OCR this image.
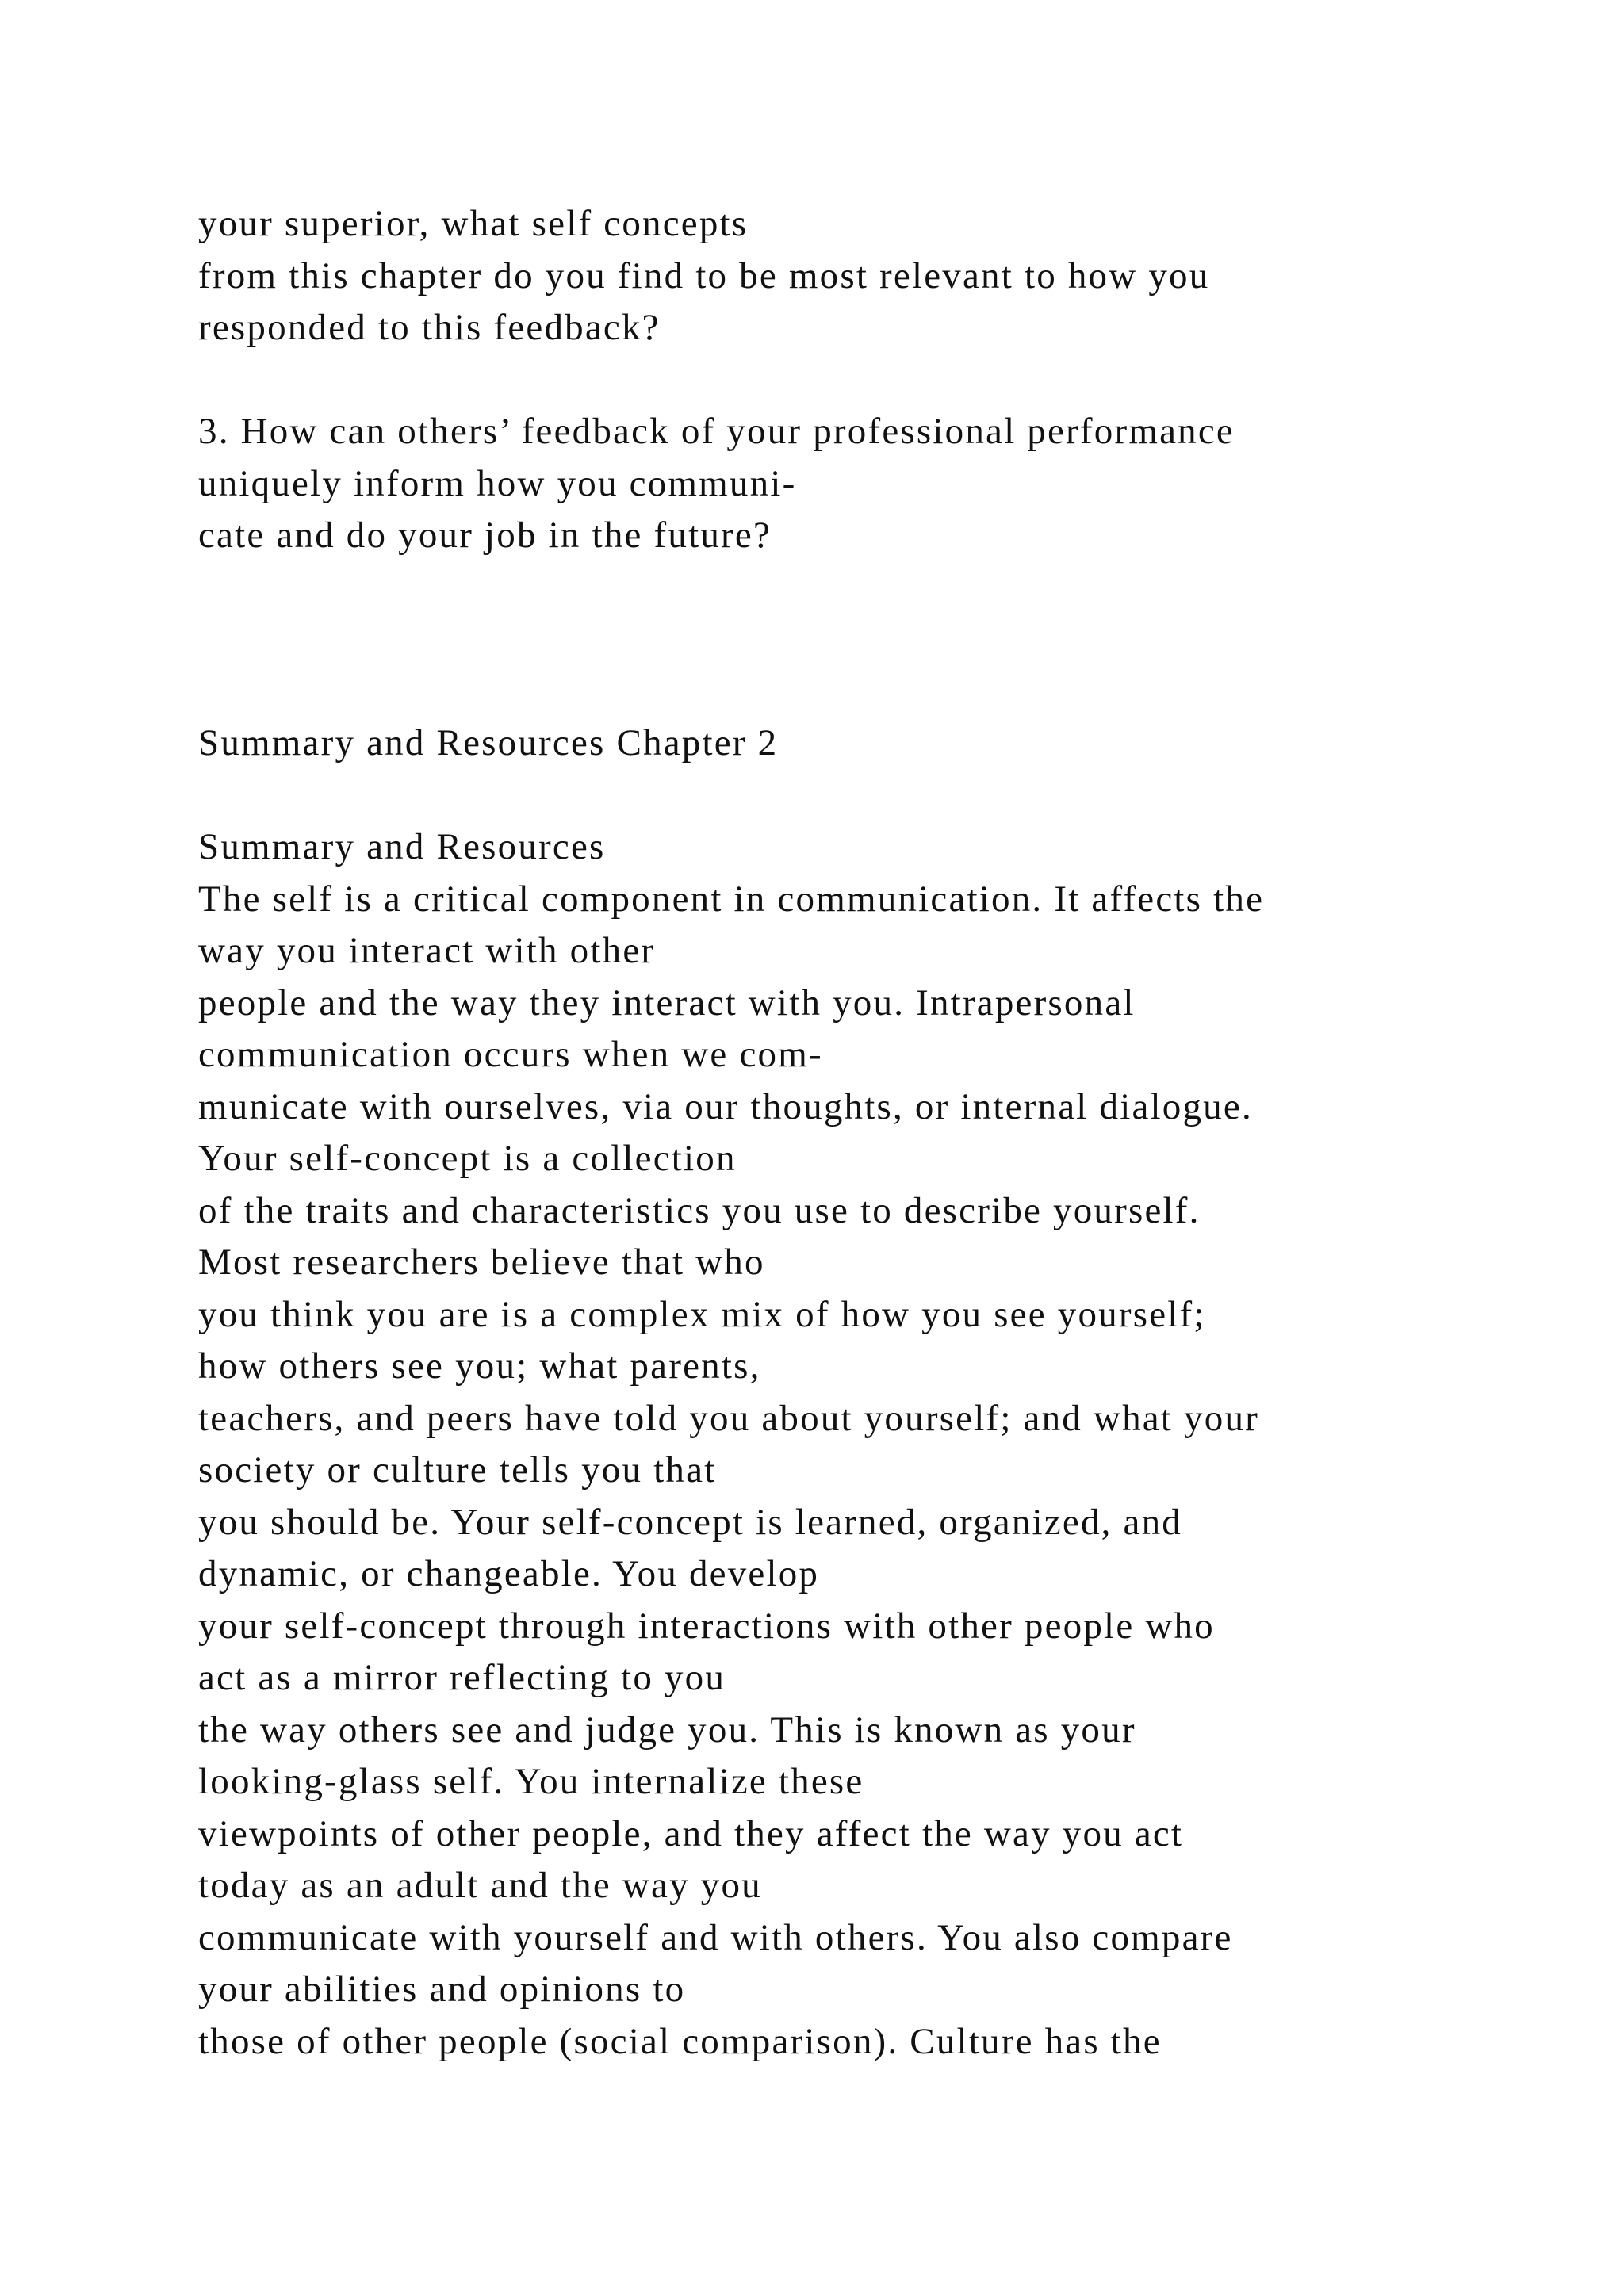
your superior, what self concepts
from this chapter do you find to be most relevant to how you
responded to this feedback?
3. How can others’ feedback of your professional performance
uniquely inform how you communi-
cate and do your job in the future?
Summary and Resources Chapter 2
Summary and Resources
The self is a critical component in communication. It affects the
way you interact with other
people and the way they interact with you. Intrapersonal
communication occurs when we com-
municate with ourselves, via our thoughts, or internal dialogue.
Your self-concept is a collection
of the traits and characteristics you use to describe yourself.
Most researchers believe that who
you think you are is a complex mix of how you see yourself;
how others see you; what parents,
teachers, and peers have told you about yourself; and what your
society or culture tells you that
you should be. Your self-concept is learned, organized, and
dynamic, or changeable. You develop
your self-concept through interactions with other people who
act as a mirror reflecting to you
the way others see and judge you. This is known as your
looking-glass self. You internalize these
viewpoints of other people, and they affect the way you act
today as an adult and the way you
communicate with yourself and with others. You also compare
your abilities and opinions to
those of other people (social comparison). Culture has the
